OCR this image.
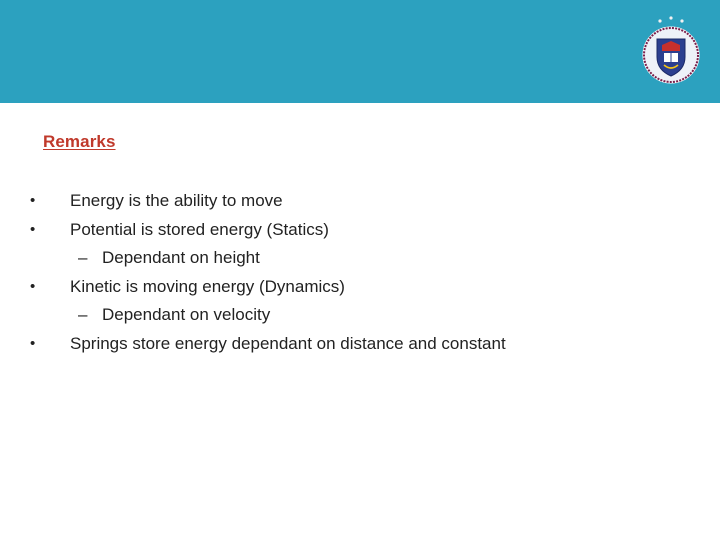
Remarks
• Energy is the ability to move
• Potential is stored energy (Statics)
– Dependant on height
• Kinetic is moving energy (Dynamics)
– Dependant on velocity
• Springs store energy dependant on distance and constant
